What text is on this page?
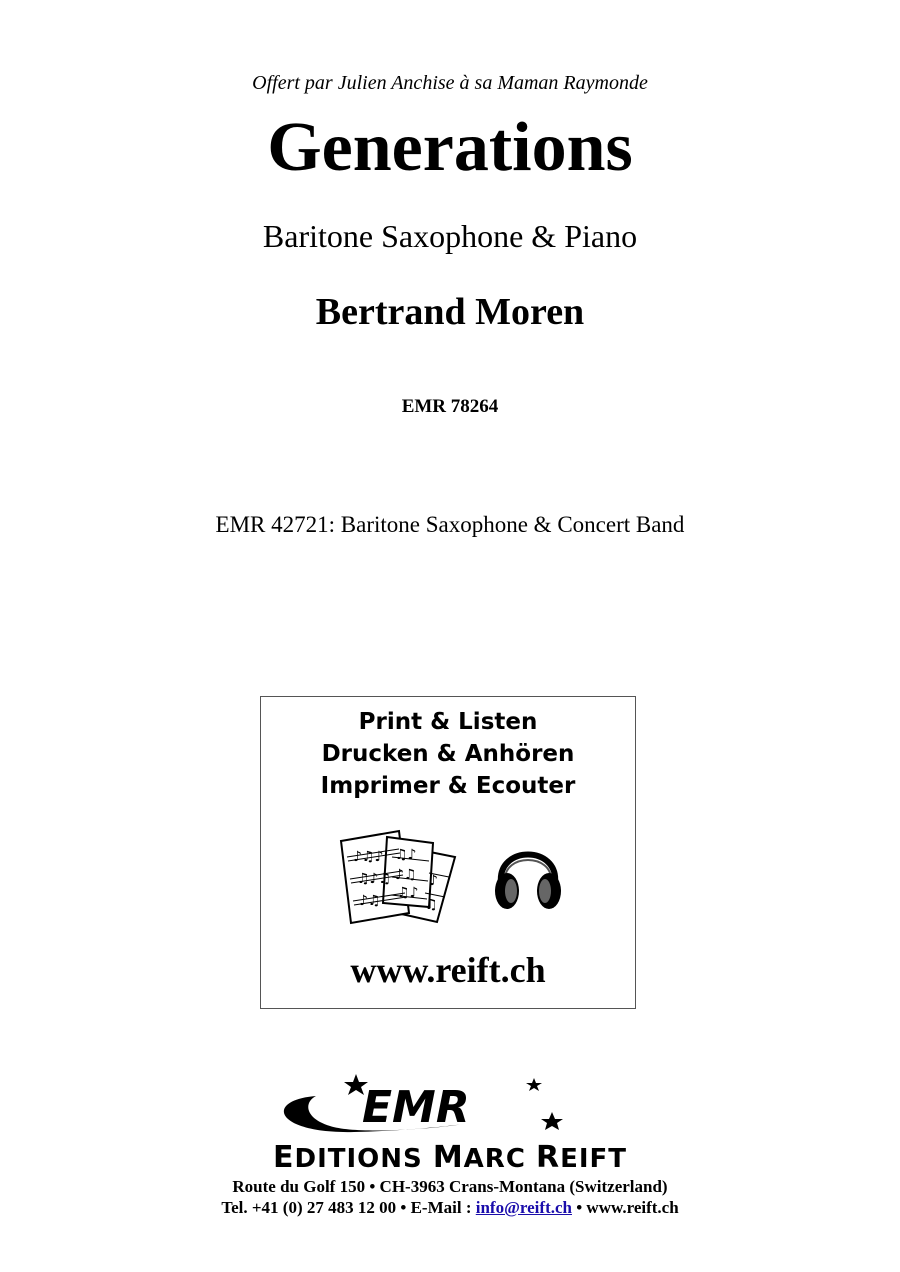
Offert par Julien Anchise à sa Maman Raymonde
Generations
Baritone Saxophone & Piano
Bertrand Moren
EMR 78264
EMR 42721: Baritone Saxophone & Concert Band
Print & Listen
Drucken & Anhören
Imprimer & Ecouter
♪♫♪
♫♪♫
♪♫
♫♪
♪♫
♫♪
♪
♫
www.reift.ch
EMR
EDITIONS MARC REIFT
Route du Golf 150 • CH-3963 Crans-Montana (Switzerland)
Tel. +41 (0) 27 483 12 00 • E-Mail : info@reift.ch • www.reift.ch
